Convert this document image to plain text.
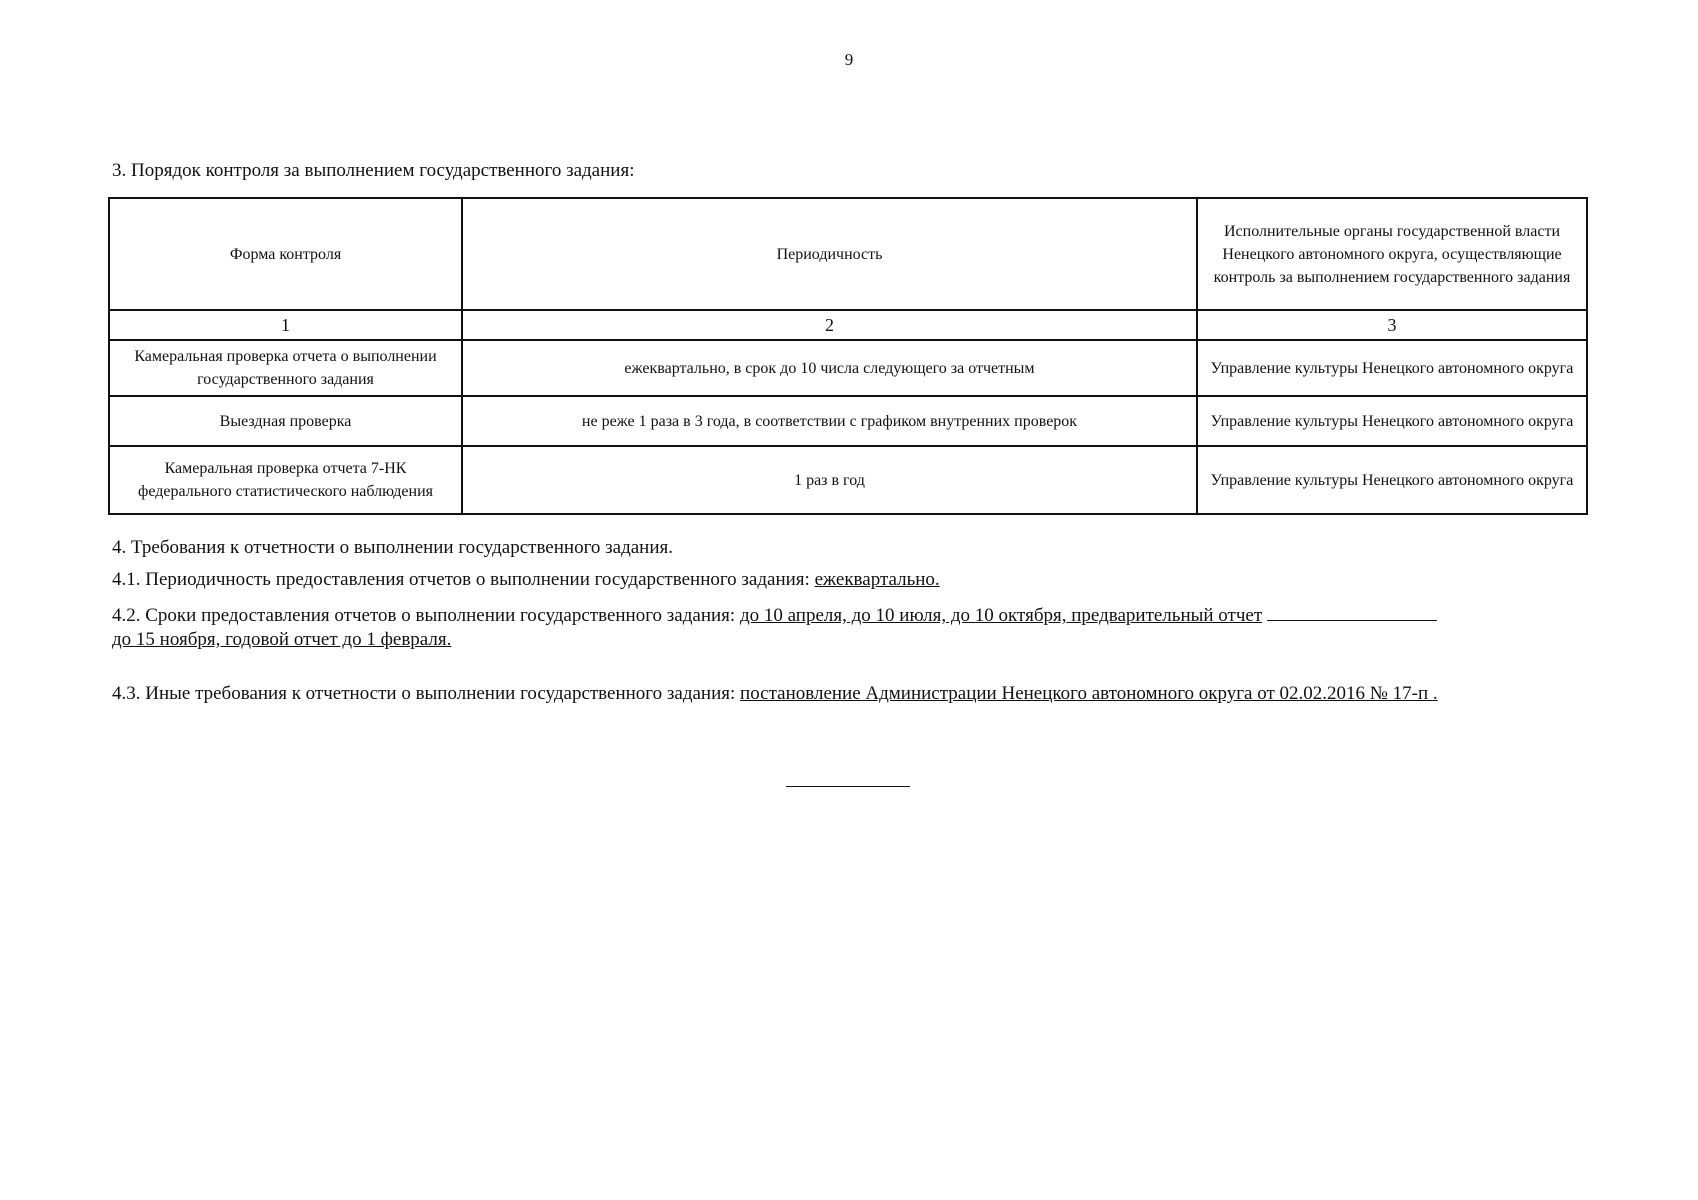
9
3. Порядок контроля за выполнением государственного задания:
Форма контроля	Периодичность	Исполнительные органы государственной власти Ненецкого автономного округа, осуществляющие контроль за выполнением государственного задания
1	2	3
Камеральная проверка отчета о выполнении государственного задания	ежеквартально, в срок до 10 числа следующего за отчетным	Управление культуры Ненецкого автономного округа
Выездная проверка	не реже 1 раза в 3 года, в соответствии с графиком внутренних проверок	Управление культуры Ненецкого автономного округа
Камеральная проверка отчета 7-НК федерального статистического наблюдения	1 раз в год	Управление культуры Ненецкого автономного округа
4. Требования к отчетности о выполнении государственного задания.
4.1. Периодичность предоставления отчетов о выполнении государственного задания: ежеквартально.
4.2. Сроки предоставления отчетов о выполнении государственного задания: до 10 апреля, до 10 июля, до 10 октября, предварительный отчет
до 15 ноября, годовой отчет до 1 февраля.
4.3. Иные требования к отчетности о выполнении государственного задания: постановление Администрации Ненецкого автономного округа от 02.02.2016 № 17-п .
